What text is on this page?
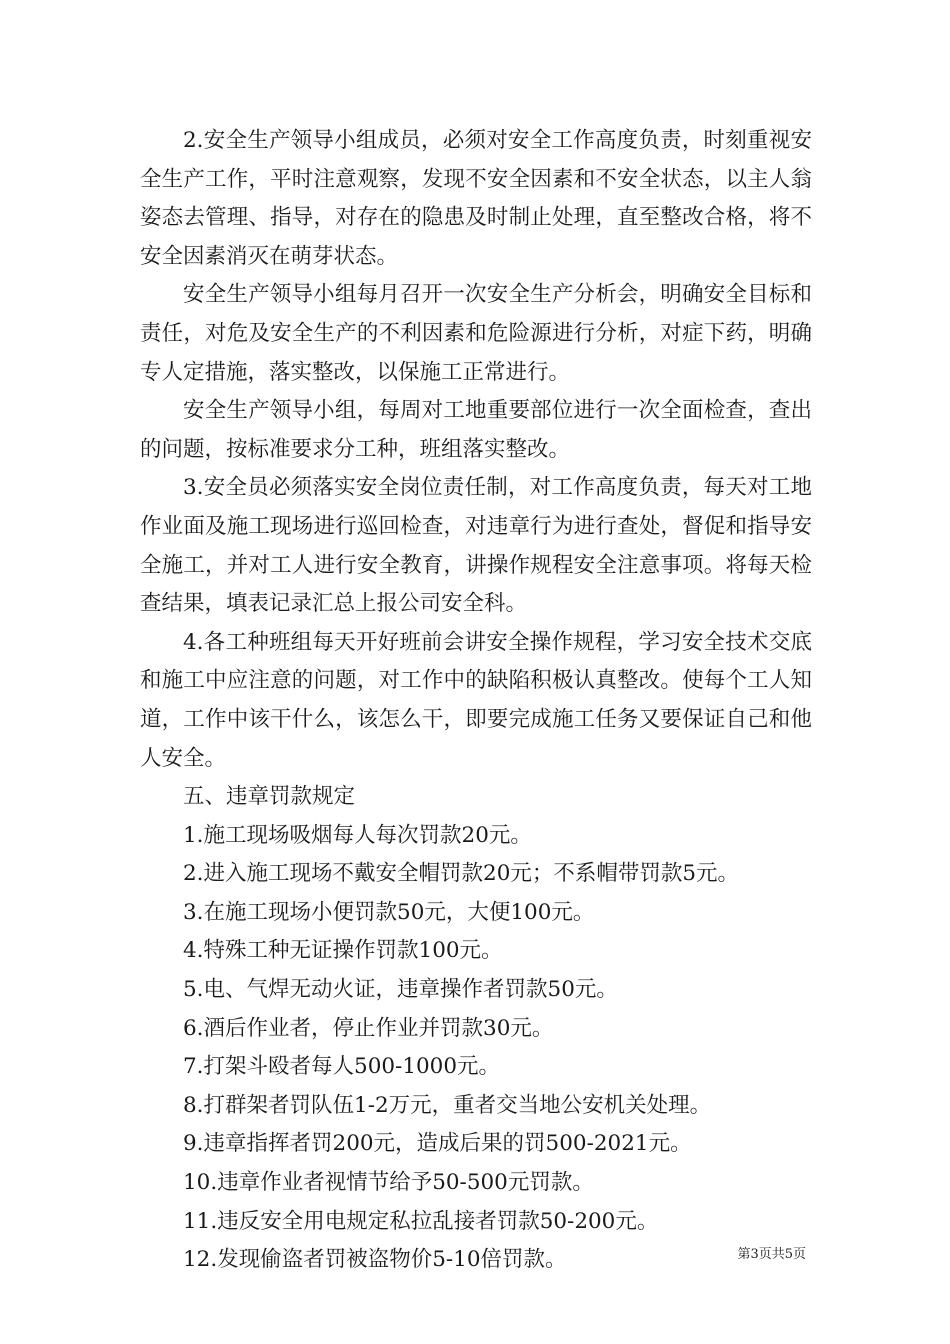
2.安全生产领导小组成员，必须对安全工作高度负责，时刻重视安全生产工作，平时注意观察，发现不安全因素和不安全状态，以主人翁姿态去管理、指导，对存在的隐患及时制止处理，直至整改合格，将不安全因素消灭在萌芽状态。

安全生产领导小组每月召开一次安全生产分析会，明确安全目标和责任，对危及安全生产的不利因素和危险源进行分析，对症下药，明确专人定措施，落实整改，以保施工正常进行。

安全生产领导小组，每周对工地重要部位进行一次全面检查，查出的问题，按标准要求分工种，班组落实整改。

3.安全员必须落实安全岗位责任制，对工作高度负责，每天对工地作业面及施工现场进行巡回检查，对违章行为进行查处，督促和指导安全施工，并对工人进行安全教育，讲操作规程安全注意事项。将每天检查结果，填表记录汇总上报公司安全科。

4.各工种班组每天开好班前会讲安全操作规程，学习安全技术交底和施工中应注意的问题，对工作中的缺陷积极认真整改。使每个工人知道，工作中该干什么，该怎么干，即要完成施工任务又要保证自己和他人安全。

五、违章罚款规定

1.施工现场吸烟每人每次罚款20元。

2.进入施工现场不戴安全帽罚款20元；不系帽带罚款5元。

3.在施工现场小便罚款50元，大便100元。

4.特殊工种无证操作罚款100元。

5.电、气焊无动火证，违章操作者罚款50元。

6.酒后作业者，停止作业并罚款30元。

7.打架斗殴者每人500-1000元。

8.打群架者罚队伍1-2万元，重者交当地公安机关处理。

9.违章指挥者罚200元，造成后果的罚500-2021元。

10.违章作业者视情节给予50-500元罚款。

11.违反安全用电规定私拉乱接者罚款50-200元。

12.发现偷盗者罚被盗物价5-10倍罚款。	第3页共5页
